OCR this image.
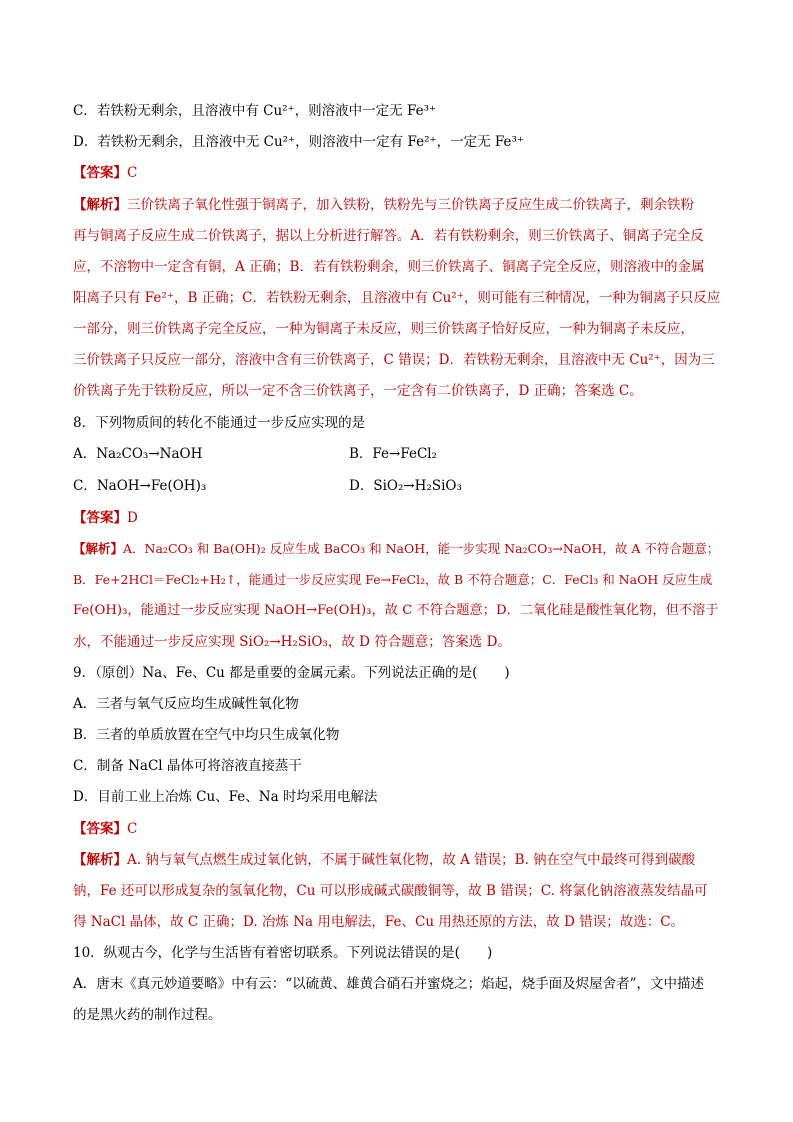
C．若铁粉无剩余，且溶液中有 Cu²⁺，则溶液中一定无 Fe³⁺
D．若铁粉无剩余，且溶液中无 Cu²⁺，则溶液中一定有 Fe²⁺，一定无 Fe³⁺
【答案】C
【解析】三价铁离子氧化性强于铜离子，加入铁粉，铁粉先与三价铁离子反应生成二价铁离子，剩余铁粉
再与铜离子反应生成二价铁离子，据以上分析进行解答。A．若有铁粉剩余，则三价铁离子、铜离子完全反
应，不溶物中一定含有铜，A 正确；B．若有铁粉剩余，则三价铁离子、铜离子完全反应，则溶液中的金属
阳离子只有 Fe²⁺，B 正确；C．若铁粉无剩余，且溶液中有 Cu²⁺，则可能有三种情况，一种为铜离子只反应
一部分，则三价铁离子完全反应，一种为铜离子未反应，则三价铁离子恰好反应，一种为铜离子未反应，
三价铁离子只反应一部分，溶液中含有三价铁离子，C 错误；D．若铁粉无剩余，且溶液中无 Cu²⁺，因为三
价铁离子先于铁粉反应，所以一定不含三价铁离子，一定含有二价铁离子，D 正确；答案选 C。
8．下列物质间的转化不能通过一步反应实现的是
A．Na₂CO₃→NaOH	B．Fe→FeCl₂
C．NaOH→Fe(OH)₃	D．SiO₂→H₂SiO₃
【答案】D
【解析】A．Na₂CO₃ 和 Ba(OH)₂ 反应生成 BaCO₃ 和 NaOH，能一步实现 Na₂CO₃→NaOH，故 A 不符合题意；
B．Fe+2HCl＝FeCl₂+H₂↑，能通过一步反应实现 Fe→FeCl₂，故 B 不符合题意；C．FeCl₃ 和 NaOH 反应生成
Fe(OH)₃，能通过一步反应实现 NaOH→Fe(OH)₃，故 C 不符合题意；D．二氧化硅是酸性氧化物，但不溶于
水，不能通过一步反应实现 SiO₂→H₂SiO₃，故 D 符合题意；答案选 D。
9．（原创）Na、Fe、Cu 都是重要的金属元素。下列说法正确的是(　　)
A．三者与氧气反应均生成碱性氧化物
B．三者的单质放置在空气中均只生成氧化物
C．制备 NaCl 晶体可将溶液直接蒸干
D．目前工业上冶炼 Cu、Fe、Na 时均采用电解法
【答案】C
【解析】A. 钠与氧气点燃生成过氧化钠，不属于碱性氧化物，故 A 错误；B. 钠在空气中最终可得到碳酸
钠，Fe 还可以形成复杂的氢氧化物，Cu 可以形成碱式碳酸铜等，故 B 错误；C. 将氯化钠溶液蒸发结晶可
得 NaCl 晶体，故 C 正确；D. 冶炼 Na 用电解法，Fe、Cu 用热还原的方法，故 D 错误；故选：C。
10．纵观古今，化学与生活皆有着密切联系。下列说法错误的是(　　)
A．唐末《真元妙道要略》中有云：“以硫黄、雄黄合硝石并蜜烧之；焰起，烧手面及烬屋舍者”，文中描述
的是黑火药的制作过程。
